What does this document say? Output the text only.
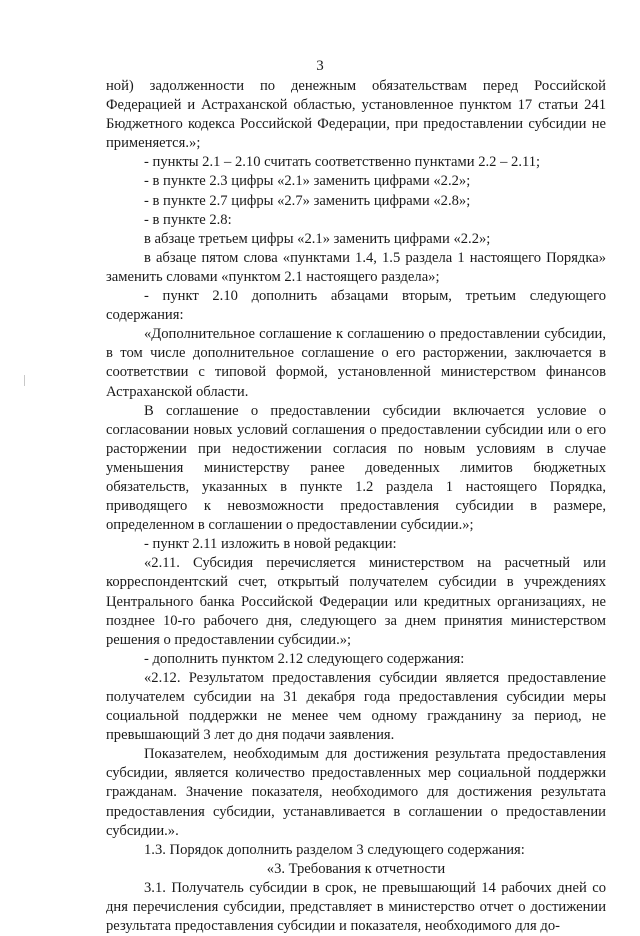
3

ной) задолженности по денежным обязательствам перед Российской Федерацией и Астраханской областью, установленное пунктом 17 статьи 241 Бюджетного кодекса Российской Федерации, при предоставлении субсидии не применяется.»;

- пункты 2.1 – 2.10 считать соответственно пунктами 2.2 – 2.11;

- в пункте 2.3 цифры «2.1» заменить цифрами «2.2»;

- в пункте 2.7 цифры «2.7» заменить цифрами «2.8»;

- в пункте 2.8:

в абзаце третьем цифры «2.1» заменить цифрами «2.2»;

в абзаце пятом слова «пунктами 1.4, 1.5 раздела 1 настоящего Порядка» заменить словами «пунктом 2.1 настоящего раздела»;

- пункт 2.10 дополнить абзацами вторым, третьим следующего содержания:

«Дополнительное соглашение к соглашению о предоставлении субсидии, в том числе дополнительное соглашение о его расторжении, заключается в соответствии с типовой формой, установленной министерством финансов Астраханской области.

В соглашение о предоставлении субсидии включается условие о согласовании новых условий соглашения о предоставлении субсидии или о его расторжении при недостижении согласия по новым условиям в случае уменьшения министерству ранее доведенных лимитов бюджетных обязательств, указанных в пункте 1.2 раздела 1 настоящего Порядка, приводящего к невозможности предоставления субсидии в размере, определенном в соглашении о предоставлении субсидии.»;

- пункт 2.11 изложить в новой редакции:

«2.11. Субсидия перечисляется министерством на расчетный или корреспондентский счет, открытый получателем субсидии в учреждениях Центрального банка Российской Федерации или кредитных организациях, не позднее 10-го рабочего дня, следующего за днем принятия министерством решения о предоставлении субсидии.»;

- дополнить пунктом 2.12 следующего содержания:

«2.12. Результатом предоставления субсидии является предоставление получателем субсидии на 31 декабря года предоставления субсидии меры социальной поддержки не менее чем одному гражданину за период, не превышающий 3 лет до дня подачи заявления.

Показателем, необходимым для достижения результата предоставления субсидии, является количество предоставленных мер социальной поддержки гражданам. Значение показателя, необходимого для достижения результата предоставления субсидии, устанавливается в соглашении о предоставлении субсидии.».

1.3. Порядок дополнить разделом 3 следующего содержания:

«3. Требования к отчетности

3.1. Получатель субсидии в срок, не превышающий 14 рабочих дней со дня перечисления субсидии, представляет в министерство отчет о достижении результата предоставления субсидии и показателя, необходимого для до-
